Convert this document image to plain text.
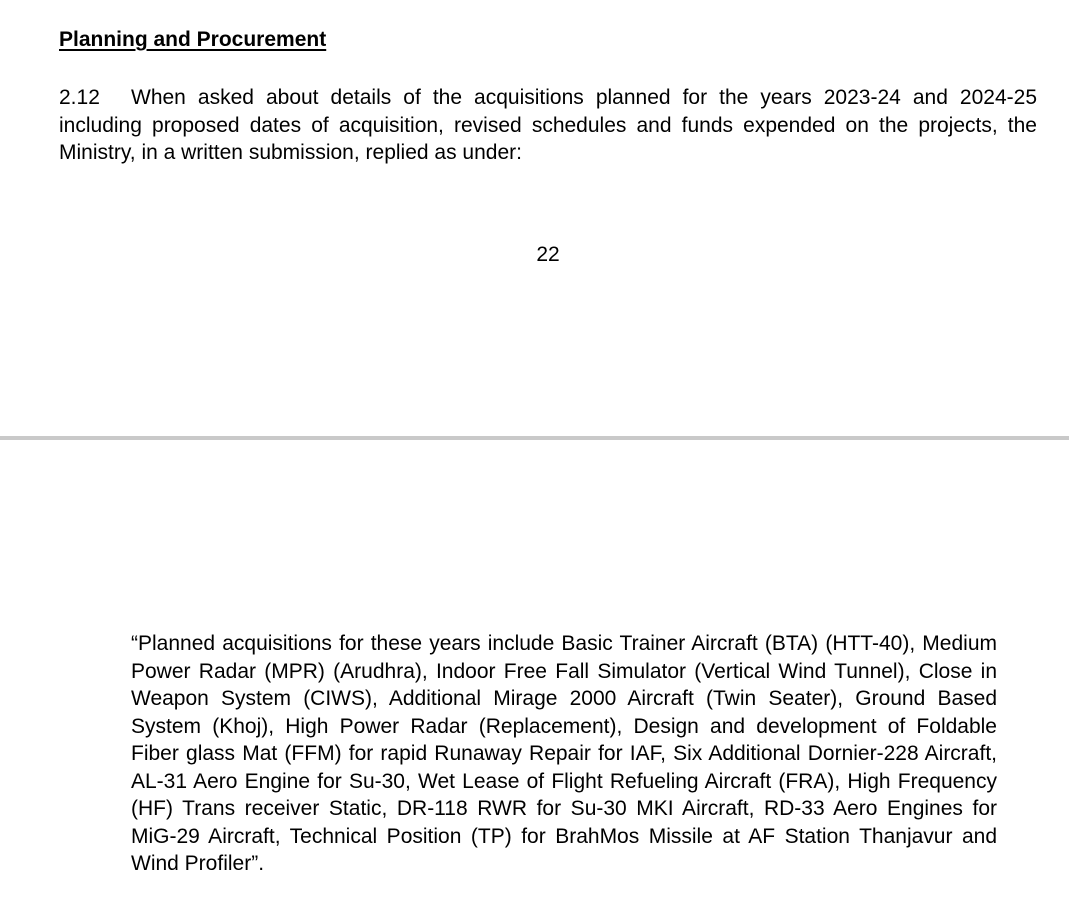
Planning and Procurement

2.12 When asked about details of the acquisitions planned for the years 2023-24 and 2024-25 including proposed dates of acquisition, revised schedules and funds expended on the projects, the Ministry, in a written submission, replied as under:

22

“Planned acquisitions for these years include Basic Trainer Aircraft (BTA) (HTT-40), Medium Power Radar (MPR) (Arudhra), Indoor Free Fall Simulator (Vertical Wind Tunnel), Close in Weapon System (CIWS), Additional Mirage 2000 Aircraft (Twin Seater), Ground Based System (Khoj), High Power Radar (Replacement), Design and development of Foldable Fiber glass Mat (FFM) for rapid Runaway Repair for IAF, Six Additional Dornier-228 Aircraft, AL-31 Aero Engine for Su-30, Wet Lease of Flight Refueling Aircraft (FRA), High Frequency (HF) Trans receiver Static, DR-118 RWR for Su-30 MKI Aircraft, RD-33 Aero Engines for MiG-29 Aircraft, Technical Position (TP) for BrahMos Missile at AF Station Thanjavur and Wind Profiler”.
